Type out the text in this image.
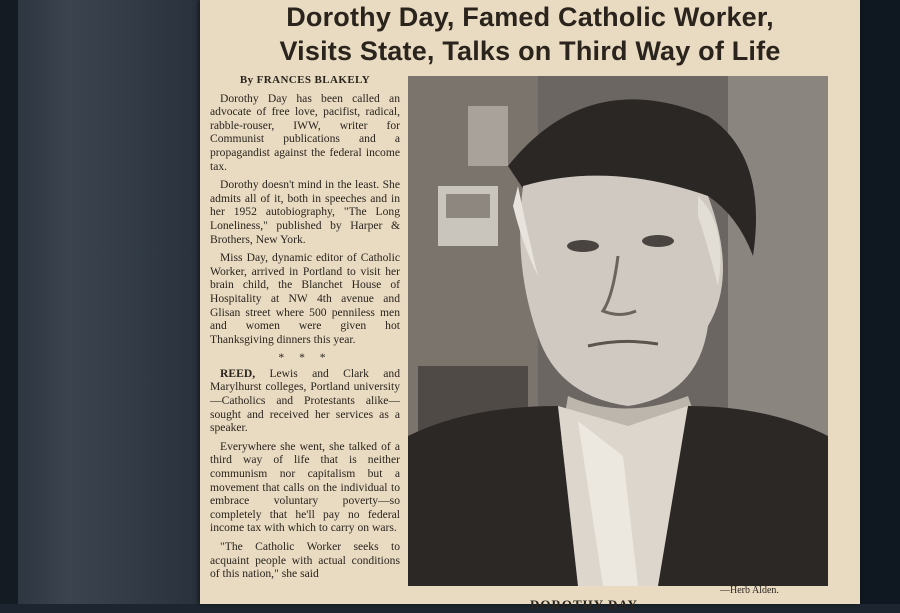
Dorothy Day, Famed Catholic Worker,
Visits State, Talks on Third Way of Life
By FRANCES BLAKELY

Dorothy Day has been called an advocate of free love, pacifist, radical, rabble-rouser, IWW, writer for Communist publications and a propagandist against the federal income tax.

Dorothy doesn't mind in the least. She admits all of it, both in speeches and in her 1952 autobiography, "The Long Loneliness," published by Harper & Brothers, New York.

Miss Day, dynamic editor of Catholic Worker, arrived in Portland to visit her brain child, the Blanchet House of Hospitality at NW 4th avenue and Glisan street where 500 penniless men and women were given hot Thanksgiving dinners this year.

* * *

REED, Lewis and Clark and Marylhurst colleges, Portland university—Catholics and Protestants alike—sought and received her services as a speaker.

Everywhere she went, she talked of a third way of life that is neither communism nor capitalism but a movement that calls on the individual to embrace voluntary poverty—so completely that he'll pay no federal income tax with which to carry on wars.

"The Catholic Worker seeks to acquaint people with actual conditions of this nation," she said

—Herb Alden.
DOROTHY DAY
